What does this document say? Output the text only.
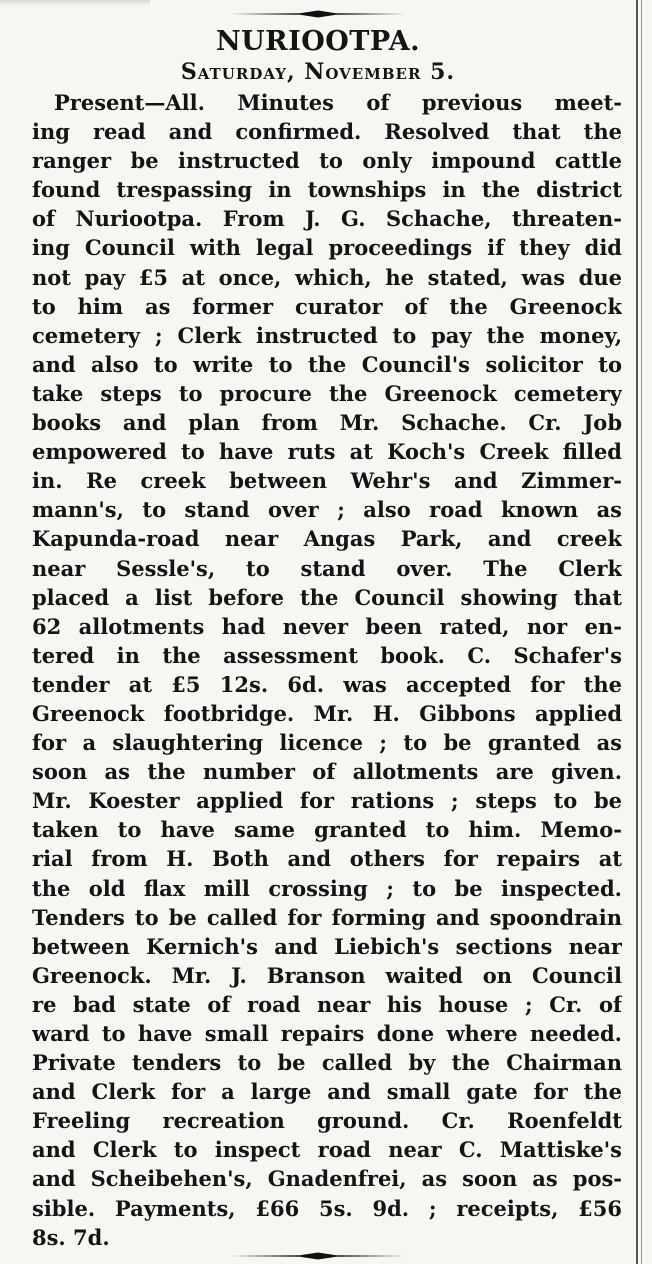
NURIOOTPA.
Saturday, November 5.
Present—All. Minutes of previous meet-
ing read and confirmed. Resolved that the
ranger be instructed to only impound cattle
found trespassing in townships in the district
of Nuriootpa. From J. G. Schache, threaten-
ing Council with legal proceedings if they did
not pay £5 at once, which, he stated, was due
to him as former curator of the Greenock
cemetery ; Clerk instructed to pay the money,
and also to write to the Council's solicitor to
take steps to procure the Greenock cemetery
books and plan from Mr. Schache. Cr. Job
empowered to have ruts at Koch's Creek filled
in. Re creek between Wehr's and Zimmer-
mann's, to stand over ; also road known as
Kapunda-road near Angas Park, and creek
near Sessle's, to stand over. The Clerk
placed a list before the Council showing that
62 allotments had never been rated, nor en-
tered in the assessment book. C. Schafer's
tender at £5 12s. 6d. was accepted for the
Greenock footbridge. Mr. H. Gibbons applied
for a slaughtering licence ; to be granted as
soon as the number of allotments are given.
Mr. Koester applied for rations ; steps to be
taken to have same granted to him. Memo-
rial from H. Both and others for repairs at
the old flax mill crossing ; to be inspected.
Tenders to be called for forming and spoondrain
between Kernich's and Liebich's sections near
Greenock. Mr. J. Branson waited on Council
re bad state of road near his house ; Cr. of
ward to have small repairs done where needed.
Private tenders to be called by the Chairman
and Clerk for a large and small gate for the
Freeling recreation ground. Cr. Roenfeldt
and Clerk to inspect road near C. Mattiske's
and Scheibehen's, Gnadenfrei, as soon as pos-
sible. Payments, £66 5s. 9d. ; receipts, £56
8s. 7d.
